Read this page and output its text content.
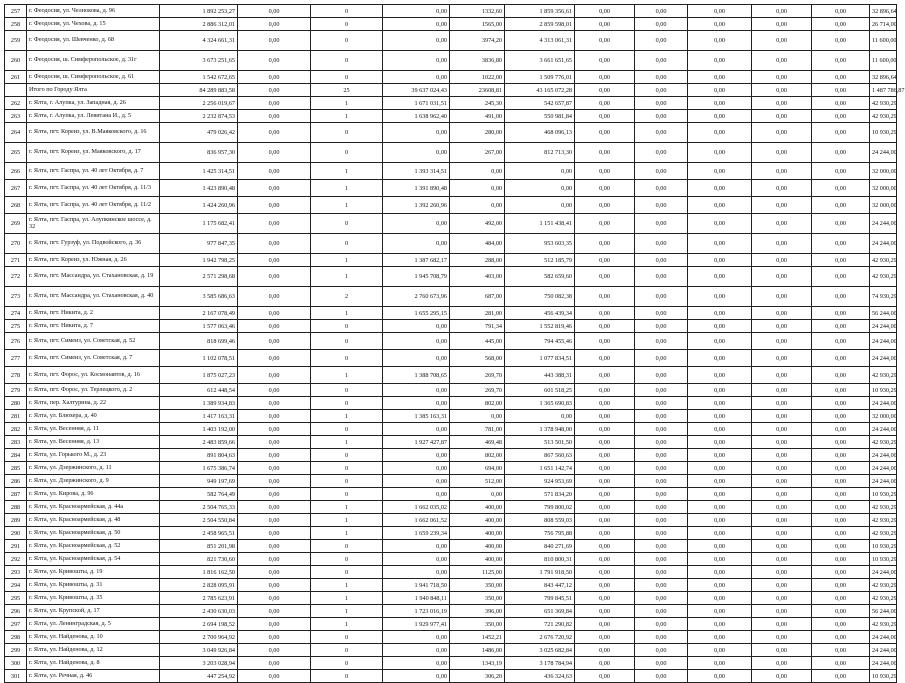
257	г. Феодосия, ул. Челнокова, д. 96	1 892 253,27	0,00	0	0,00	1332,60	1 859 356,61	0,00	0,00	0,00	0,00	0,00	32 896,64
258	г. Феодосия, ул. Чехова, д. 15	2 886 312,01	0,00	0	0,00	1565,00	2 859 598,01	0,00	0,00	0,00	0,00	0,00	26 714,00
259	г. Феодосия, ул. Шевченко, д. 68	4 324 661,31	0,00	0	0,00	3974,20	4 313 061,31	0,00	0,00	0,00	0,00	0,00	11 600,00
260	г. Феодосия, ш. Симферопольское, д. 31г	3 673 251,65	0,00	0	0,00	3836,80	3 661 651,65	0,00	0,00	0,00	0,00	0,00	11 600,00
261	г. Феодосия, ш. Симферопольское, д. 61	1 542 672,65	0,00	0	0,00	1022,00	1 509 776,01	0,00	0,00	0,00	0,00	0,00	32 896,64
	Итого по Городу Ялта	84 289 883,58	0,00	25	39 637 024,43	23608,81	43 165 072,28	0,00	0,00	0,00	0,00	0,00	1 487 786,87
262	г. Ялта, г. Алупка, ул. Западная, д. 26	2 256 019,67	0,00	1	1 671 031,51	245,30	542 657,87	0,00	0,00	0,00	0,00	0,00	42 930,29
263	г. Ялта, г. Алупка, ул. Левитана И., д. 5	2 232 874,53	0,00	1	1 638 962,40	491,00	550 981,84	0,00	0,00	0,00	0,00	0,00	42 930,29
264	г. Ялта, пгт. Кореиз, ул. В.Маяковского, д. 16	479 026,42	0,00	0	0,00	280,00	468 096,13	0,00	0,00	0,00	0,00	0,00	10 930,29
265	г. Ялта, пгт. Кореиз, ул. Маяковского, д. 17	836 957,30	0,00	0	0,00	267,00	812 713,30	0,00	0,00	0,00	0,00	0,00	24 244,00
266	г. Ялта, пгт. Гаспра, ул. 40 лет Октября, д. 7	1 425 314,51	0,00	1	1 393 314,51	0,00	0,00	0,00	0,00	0,00	0,00	0,00	32 000,00
267	г. Ялта, пгт. Гаспра, ул. 40 лет Октября, д. 11/3	1 423 890,48	0,00	1	1 391 890,48	0,00	0,00	0,00	0,00	0,00	0,00	0,00	32 000,00
268	г. Ялта, пгт. Гаспра, ул. 40 лет Октября, д. 11/2	1 424 260,96	0,00	1	1 392 260,96	0,00	0,00	0,00	0,00	0,00	0,00	0,00	32 000,00
269	г. Ялта, пгт. Гаспра, ул. Алупкинское шоссе, д. 32	1 175 682,41	0,00	0	0,00	492,00	1 151 438,41	0,00	0,00	0,00	0,00	0,00	24 244,00
270	г. Ялта, пгт. Гурзуф, ул. Подвойского, д. 36	977 847,35	0,00	0	0,00	484,00	953 603,35	0,00	0,00	0,00	0,00	0,00	24 244,00
271	г. Ялта, пгт. Кореиз, ул. Южная, д. 26	1 942 798,25	0,00	1	1 387 682,17	288,00	512 185,79	0,00	0,00	0,00	0,00	0,00	42 930,29
272	г. Ялта, пгт. Массандра, ул. Стахановская, д. 19	2 571 298,68	0,00	1	1 945 708,79	403,00	582 659,60	0,00	0,00	0,00	0,00	0,00	42 930,29
273	г. Ялта, пгт. Массандра, ул. Стахановская, д. 40	3 585 686,63	0,00	2	2 760 673,96	687,00	750 082,38	0,00	0,00	0,00	0,00	0,00	74 930,29
274	г. Ялта, пгт. Никита, д. 2	2 167 078,49	0,00	1	1 655 295,15	281,00	456 439,34	0,00	0,00	0,00	0,00	0,00	56 244,00
275	г. Ялта, пгт. Никита, д. 7	1 577 063,46	0,00	0	0,00	791,34	1 552 819,46	0,00	0,00	0,00	0,00	0,00	24 244,00
276	г. Ялта, пгт. Симеиз, ул. Советская, д. 52	818 699,46	0,00	0	0,00	445,00	794 455,46	0,00	0,00	0,00	0,00	0,00	24 244,00
277	г. Ялта, пгт. Симеиз, ул. Советская, д. 7	1 102 078,51	0,00	0	0,00	568,00	1 077 834,51	0,00	0,00	0,00	0,00	0,00	24 244,00
278	г. Ялта, пгт. Форос, ул. Космонавтов, д. 16	1 875 027,23	0,00	1	1 388 708,65	269,70	443 388,31	0,00	0,00	0,00	0,00	0,00	42 930,29
279	г. Ялта, пгт. Форос, ул. Терлецкого, д. 2	612 448,54	0,00	0	0,00	269,70	601 518,25	0,00	0,00	0,00	0,00	0,00	10 930,29
280	г. Ялта, пер. Халтурина, д. 22	1 389 934,83	0,00	0	0,00	802,00	1 365 690,83	0,00	0,00	0,00	0,00	0,00	24 244,00
281	г. Ялта, ул. Блюхера, д. 40	1 417 163,31	0,00	1	1 385 163,31	0,00	0,00	0,00	0,00	0,00	0,00	0,00	32 000,00
282	г. Ялта, ул. Весенняя, д. 11	1 403 192,00	0,00	0	0,00	781,00	1 378 948,00	0,00	0,00	0,00	0,00	0,00	24 244,00
283	г. Ялта, ул. Весенняя, д. 13	2 483 859,66	0,00	1	1 927 427,87	469,48	513 501,50	0,00	0,00	0,00	0,00	0,00	42 930,29
284	г. Ялта, ул. Горького М., д. 23	891 804,63	0,00	0	0,00	802,00	867 560,63	0,00	0,00	0,00	0,00	0,00	24 244,00
285	г. Ялта, ул. Дзержинского, д. 11	1 675 386,74	0,00	0	0,00	694,00	1 651 142,74	0,00	0,00	0,00	0,00	0,00	24 244,00
286	г. Ялта, ул. Дзержинского, д. 9	949 197,69	0,00	0	0,00	512,00	924 953,69	0,00	0,00	0,00	0,00	0,00	24 244,00
287	г. Ялта, ул. Кирова, д. 96	582 764,49	0,00	0	0,00	0,00	571 834,20	0,00	0,00	0,00	0,00	0,00	10 930,29
288	г. Ялта, ул. Красноармейская, д. 44а	2 504 765,33	0,00	1	1 662 035,02	400,00	799 800,02	0,00	0,00	0,00	0,00	0,00	42 930,29
289	г. Ялта, ул. Красноармейская, д. 48	2 504 550,84	0,00	1	1 662 061,52	400,00	808 559,03	0,00	0,00	0,00	0,00	0,00	42 930,29
290	г. Ялта, ул. Красноармейская, д. 50	2 458 965,51	0,00	1	1 659 239,34	400,00	756 795,88	0,00	0,00	0,00	0,00	0,00	42 930,29
291	г. Ялта, ул. Красноармейская, д. 52	851 201,98	0,00	0	0,00	400,00	840 271,69	0,00	0,00	0,00	0,00	0,00	10 930,29
292	г. Ялта, ул. Красноармейская, д. 54	821 730,60	0,00	0	0,00	400,00	810 800,31	0,00	0,00	0,00	0,00	0,00	10 930,29
293	г. Ялта, ул. Кривошты, д. 19	1 816 162,50	0,00	0	0,00	1125,00	1 791 918,50	0,00	0,00	0,00	0,00	0,00	24 244,00
294	г. Ялта, ул. Кривошты, д. 31	2 828 095,91	0,00	1	1 941 718,50	350,00	843 447,12	0,00	0,00	0,00	0,00	0,00	42 930,29
295	г. Ялта, ул. Кривошты, д. 35	2 785 623,91	0,00	1	1 940 848,11	350,00	799 845,51	0,00	0,00	0,00	0,00	0,00	42 930,29
296	г. Ялта, ул. Крупской, д. 17	2 430 630,03	0,00	1	1 723 016,19	396,00	651 369,84	0,00	0,00	0,00	0,00	0,00	56 244,00
297	г. Ялта, ул. Ленинградская, д. 5	2 694 198,52	0,00	1	1 929 977,41	350,00	721 290,82	0,00	0,00	0,00	0,00	0,00	42 930,29
298	г. Ялта, ул. Найденова, д. 10	2 700 964,92	0,00	0	0,00	1452,21	2 676 720,92	0,00	0,00	0,00	0,00	0,00	24 244,00
299	г. Ялта, ул. Найденова, д. 12	3 049 926,84	0,00	0	0,00	1486,00	3 025 682,84	0,00	0,00	0,00	0,00	0,00	24 244,00
300	г. Ялта, ул. Найденова, д. 8	3 203 028,94	0,00	0	0,00	1343,19	3 178 784,94	0,00	0,00	0,00	0,00	0,00	24 244,00
301	г. Ялта, ул. Речная, д. 46	447 254,92	0,00	0	0,00	306,20	436 324,63	0,00	0,00	0,00	0,00	0,00	10 930,29
